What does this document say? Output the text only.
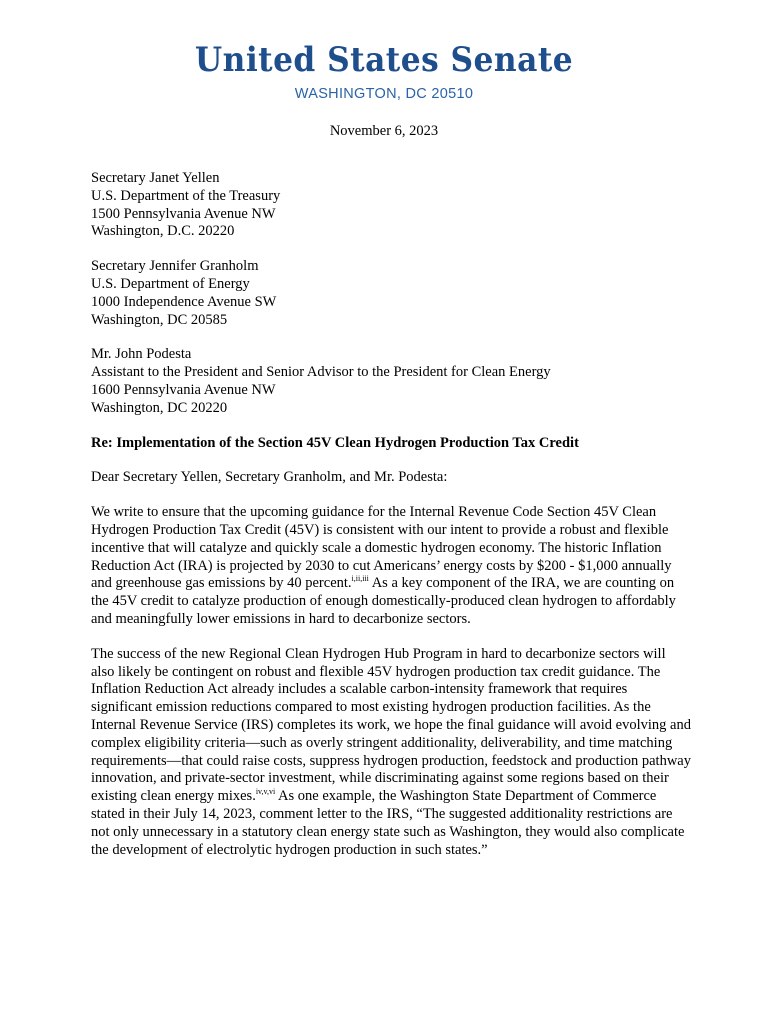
United States Senate
WASHINGTON, DC 20510
November 6, 2023
Secretary Janet Yellen
U.S. Department of the Treasury
1500 Pennsylvania Avenue NW
Washington, D.C. 20220
Secretary Jennifer Granholm
U.S. Department of Energy
1000 Independence Avenue SW
Washington, DC 20585
Mr. John Podesta
Assistant to the President and Senior Advisor to the President for Clean Energy
1600 Pennsylvania Avenue NW
Washington, DC 20220
Re: Implementation of the Section 45V Clean Hydrogen Production Tax Credit
Dear Secretary Yellen, Secretary Granholm, and Mr. Podesta:

We write to ensure that the upcoming guidance for the Internal Revenue Code Section 45V Clean Hydrogen Production Tax Credit (45V) is consistent with our intent to provide a robust and flexible incentive that will catalyze and quickly scale a domestic hydrogen economy. The historic Inflation Reduction Act (IRA) is projected by 2030 to cut Americans’ energy costs by $200 - $1,000 annually and greenhouse gas emissions by 40 percent.$^{i,ii,iii}$ As a key component of the IRA, we are counting on the 45V credit to catalyze production of enough domestically-produced clean hydrogen to affordably and meaningfully lower emissions in hard to decarbonize sectors.

The success of the new Regional Clean Hydrogen Hub Program in hard to decarbonize sectors will also likely be contingent on robust and flexible 45V hydrogen production tax credit guidance. The Inflation Reduction Act already includes a scalable carbon-intensity framework that requires significant emission reductions compared to most existing hydrogen production facilities. As the Internal Revenue Service (IRS) completes its work, we hope the final guidance will avoid evolving and complex eligibility criteria—such as overly stringent additionality, deliverability, and time matching requirements—that could raise costs, suppress hydrogen production, feedstock and production pathway innovation, and private-sector investment, while discriminating against some regions based on their existing clean energy mixes.$^{iv,v,vi}$ As one example, the Washington State Department of Commerce stated in their July 14, 2023, comment letter to the IRS, “The suggested additionality restrictions are not only unnecessary in a statutory clean energy state such as Washington, they would also complicate the development of electrolytic hydrogen production in such states.”
